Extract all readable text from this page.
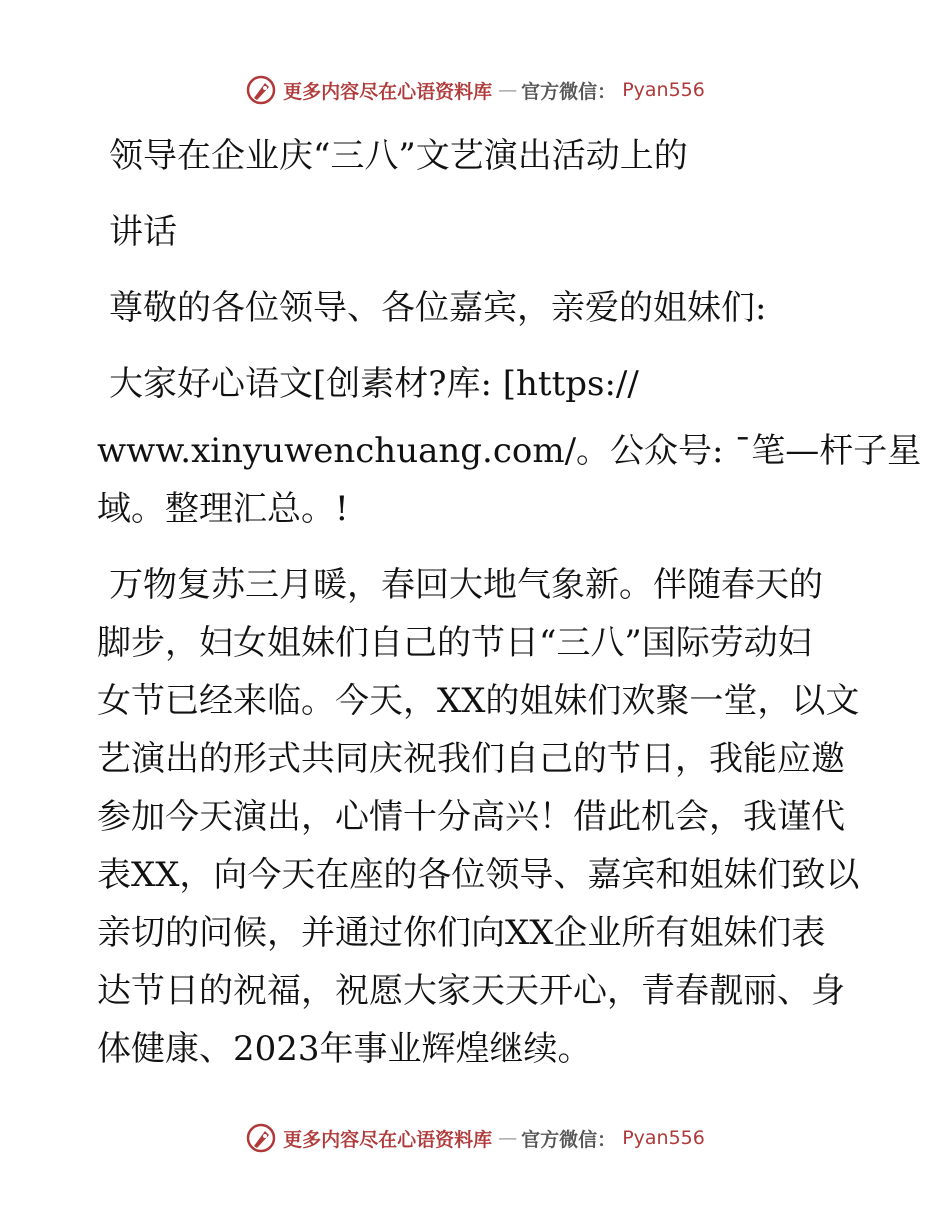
更多内容尽在心语资料库 — 官方微信： Pyan556
领导在企业庆“三八”文艺演出活动上的
讲话
尊敬的各位领导、各位嘉宾，亲爱的姐妹们:
大家好心语文[创素材?库: [https://
www.xinyuwenchuang.com/。公众号: ¯笔—杆子星
域。整理汇总。!
万物复苏三月暖，春回大地气象新。伴随春天的
脚步，妇女姐妹们自己的节日“三八”国际劳动妇
女节已经来临。今天，XX的姐妹们欢聚一堂，以文
艺演出的形式共同庆祝我们自己的节日，我能应邀
参加今天演出，心情十分高兴！借此机会，我谨代
表XX，向今天在座的各位领导、嘉宾和姐妹们致以
亲切的问候，并通过你们向XX企业所有姐妹们表
达节日的祝福，祝愿大家天天开心，青春靓丽、身
体健康、2023年事业辉煌继续。
更多内容尽在心语资料库 — 官方微信： Pyan556
